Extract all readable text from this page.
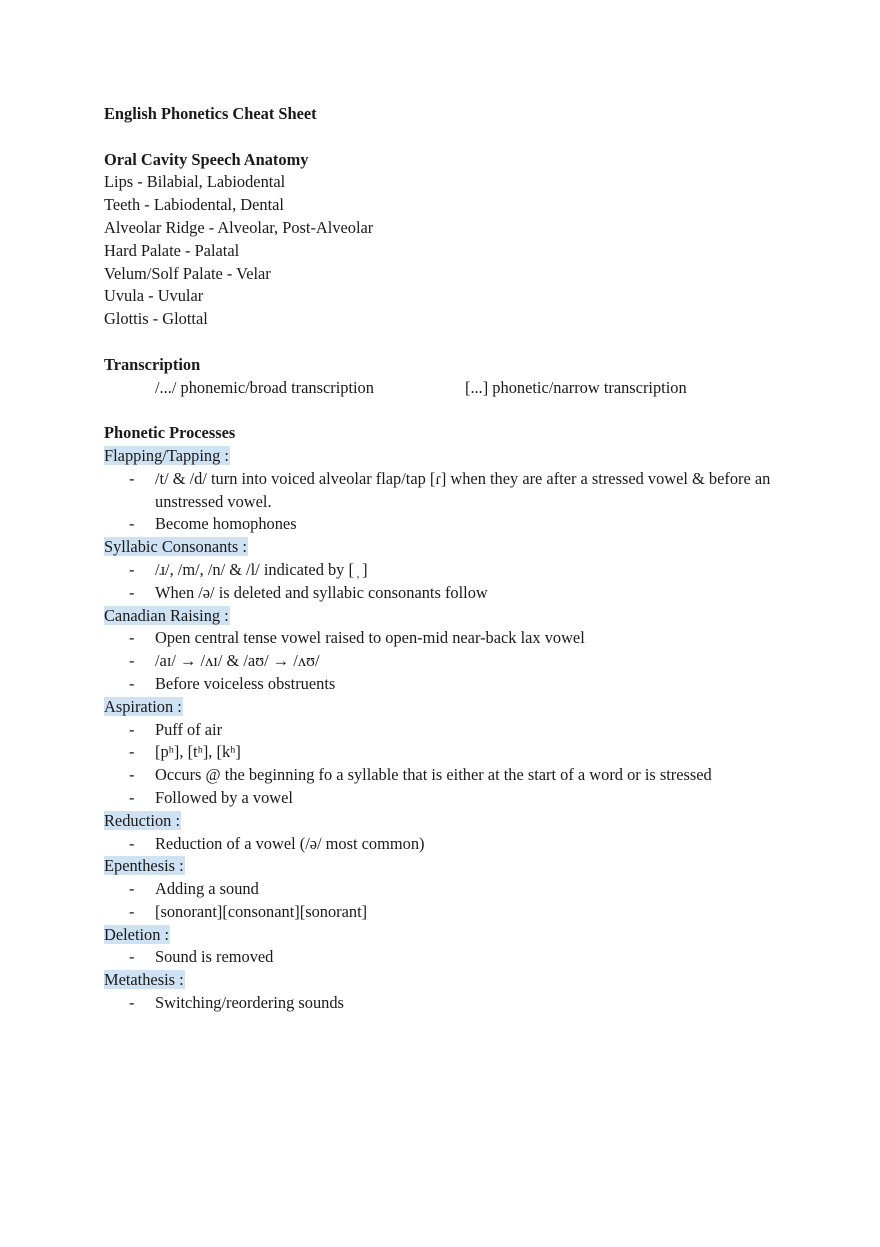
English Phonetics Cheat Sheet
Oral Cavity Speech Anatomy
Lips - Bilabial, Labiodental
Teeth - Labiodental, Dental
Alveolar Ridge - Alveolar, Post-Alveolar
Hard Palate - Palatal
Velum/Solf Palate - Velar
Uvula - Uvular
Glottis - Glottal
Transcription
/.../ phonemic/broad transcription	[...] phonetic/narrow transcription
Phonetic Processes
Flapping/Tapping :
- /t/ & /d/ turn into voiced alveolar flap/tap [ɾ] when they are after a stressed vowel & before an unstressed vowel.
- Become homophones
Syllabic Consonants :
- /ɹ/, /m/, /n/ & /l/ indicated by [ ̩ ]
- When /ə/ is deleted and syllabic consonants follow
Canadian Raising :
- Open central tense vowel raised to open-mid near-back lax vowel
- /aɪ/ → /ʌɪ/ & /aʊ/ → /ʌʊ/
- Before voiceless obstruents
Aspiration :
- Puff of air
- [pʰ], [tʰ], [kʰ]
- Occurs @ the beginning fo a syllable that is either at the start of a word or is stressed
- Followed by a vowel
Reduction :
- Reduction of a vowel (/ə/ most common)
Epenthesis :
- Adding a sound
- [sonorant][consonant][sonorant]
Deletion :
- Sound is removed
Metathesis :
- Switching/reordering sounds
